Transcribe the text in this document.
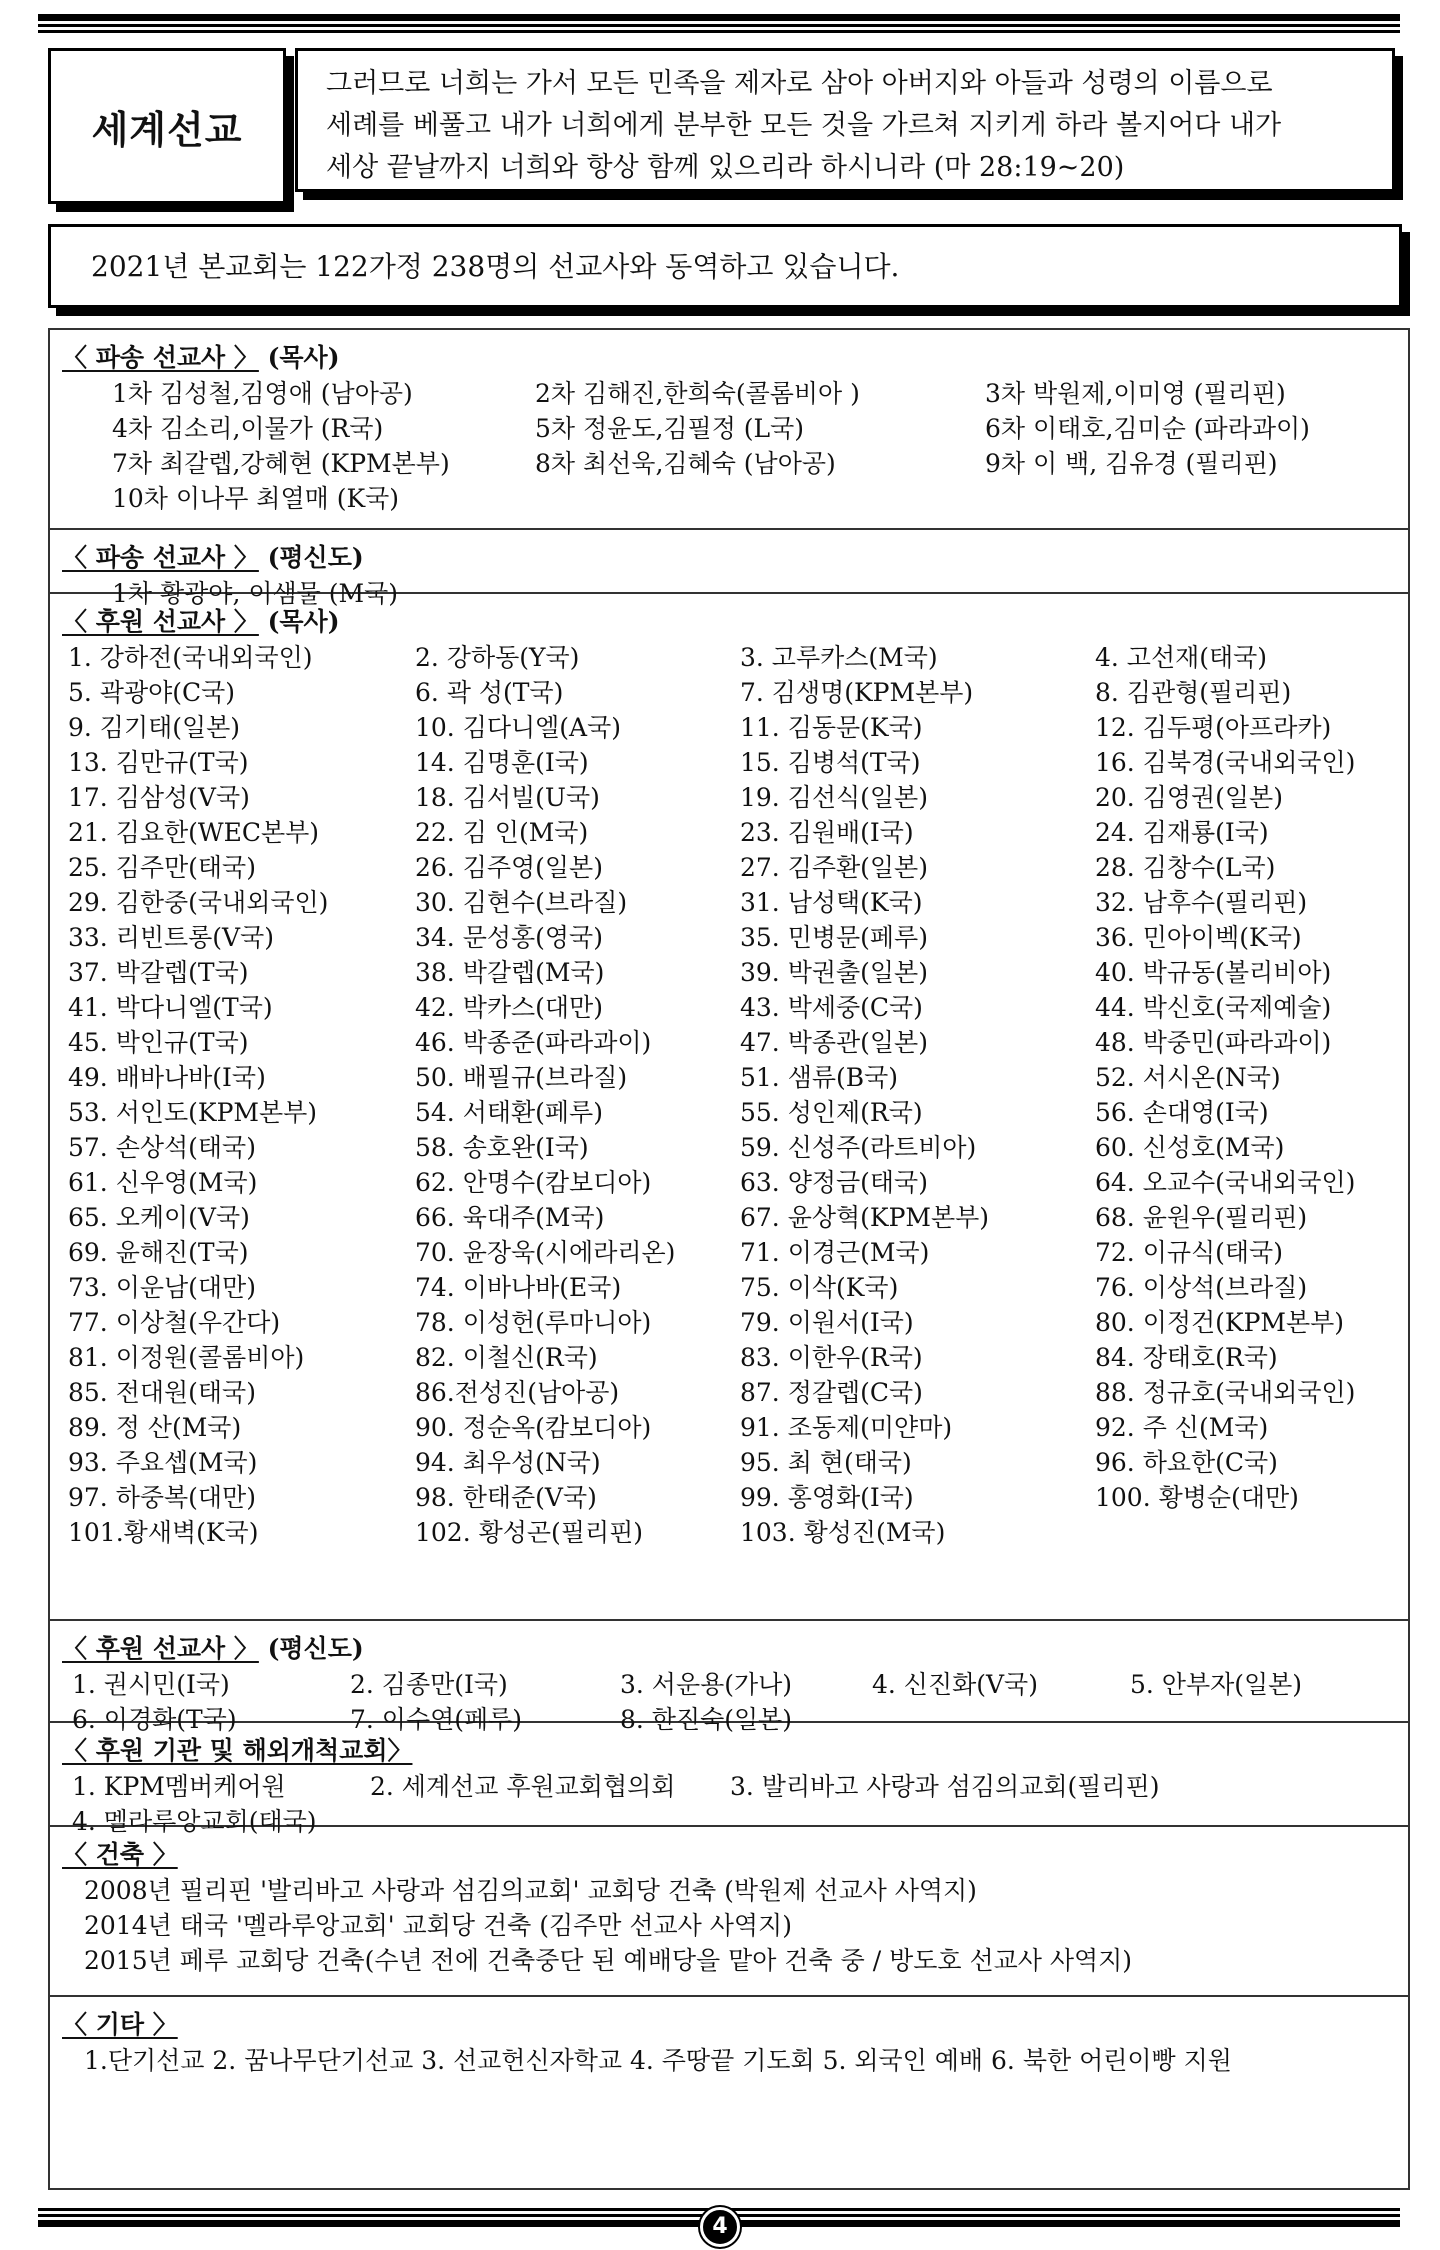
세계선교
그러므로 너희는 가서 모든 민족을 제자로 삼아 아버지와 아들과 성령의 이름으로
세례를 베풀고 내가 너희에게 분부한 모든 것을 가르쳐 지키게 하라 볼지어다 내가
세상 끝날까지 너희와 항상 함께 있으리라 하시니라 (마 28:19~20)
2021년 본교회는 122가정 238명의 선교사와 동역하고 있습니다.
〈 파송 선교사 〉 (목사)
1차 김성철,김영애 (남아공)	2차 김해진,한희숙(콜롬비아 )	3차 박원제,이미영 (필리핀)
4차 김소리,이물가 (R국)	5차 정윤도,김필정 (L국)	6차 이태호,김미순 (파라과이)
7차 최갈렙,강혜현 (KPM본부)	8차 최선욱,김혜숙 (남아공)	9차 이 백, 김유경 (필리핀)
10차 이나무 최열매 (K국)
〈 파송 선교사 〉 (평신도)
1차 황광야, 이샘물 (M국)
〈 후원 선교사 〉 (목사)
1. 강하전(국내외국인)	2. 강하동(Y국)	3. 고루카스(M국)	4. 고선재(태국)
5. 곽광야(C국)	6. 곽 성(T국)	7. 김생명(KPM본부)	8. 김관형(필리핀)
9. 김기태(일본)	10. 김다니엘(A국)	11. 김동문(K국)	12. 김두평(아프라카)
13. 김만규(T국)	14. 김명훈(I국)	15. 김병석(T국)	16. 김북경(국내외국인)
17. 김삼성(V국)	18. 김서빌(U국)	19. 김선식(일본)	20. 김영권(일본)
21. 김요한(WEC본부)	22. 김 인(M국)	23. 김원배(I국)	24. 김재룡(I국)
25. 김주만(태국)	26. 김주영(일본)	27. 김주환(일본)	28. 김창수(L국)
29. 김한중(국내외국인)	30. 김현수(브라질)	31. 남성택(K국)	32. 남후수(필리핀)
33. 리빈트롱(V국)	34. 문성홍(영국)	35. 민병문(페루)	36. 민아이벡(K국)
37. 박갈렙(T국)	38. 박갈렙(M국)	39. 박권출(일본)	40. 박규동(볼리비아)
41. 박다니엘(T국)	42. 박카스(대만)	43. 박세중(C국)	44. 박신호(국제예술)
45. 박인규(T국)	46. 박종준(파라과이)	47. 박종관(일본)	48. 박중민(파라과이)
49. 배바나바(I국)	50. 배필규(브라질)	51. 샘류(B국)	52. 서시온(N국)
53. 서인도(KPM본부)	54. 서태환(페루)	55. 성인제(R국)	56. 손대영(I국)
57. 손상석(태국)	58. 송호완(I국)	59. 신성주(라트비아)	60. 신성호(M국)
61. 신우영(M국)	62. 안명수(캄보디아)	63. 양정금(태국)	64. 오교수(국내외국인)
65. 오케이(V국)	66. 육대주(M국)	67. 윤상혁(KPM본부)	68. 윤원우(필리핀)
69. 윤해진(T국)	70. 윤장욱(시에라리온)	71. 이경근(M국)	72. 이규식(태국)
73. 이운남(대만)	74. 이바나바(E국)	75. 이삭(K국)	76. 이상석(브라질)
77. 이상철(우간다)	78. 이성헌(루마니아)	79. 이원서(I국)	80. 이정건(KPM본부)
81. 이정원(콜롬비아)	82. 이철신(R국)	83. 이한우(R국)	84. 장태호(R국)
85. 전대원(태국)	86.전성진(남아공)	87. 정갈렙(C국)	88. 정규호(국내외국인)
89. 정 산(M국)	90. 정순옥(캄보디아)	91. 조동제(미얀마)	92. 주 신(M국)
93. 주요셉(M국)	94. 최우성(N국)	95. 최 현(태국)	96. 하요한(C국)
97. 하중복(대만)	98. 한태준(V국)	99. 홍영화(I국)	100. 황병순(대만)
101.황새벽(K국)	102. 황성곤(필리핀)	103. 황성진(M국)
〈 후원 선교사 〉 (평신도)
1. 권시민(I국)	2. 김종만(I국)	3. 서운용(가나)	4. 신진화(V국)	5. 안부자(일본)
6. 이경화(T국)	7. 이수연(페루)	8. 한진숙(일본)
〈 후원 기관 및 해외개척교회〉
1. KPM멤버케어원	2. 세계선교 후원교회협의회 3. 발리바고 사랑과 섬김의교회(필리핀)
4. 멜라루앙교회(태국)
〈 건축 〉
2008년 필리핀 '발리바고 사랑과 섬김의교회' 교회당 건축 (박원제 선교사 사역지)
2014년 태국 '멜라루앙교회' 교회당 건축 (김주만 선교사 사역지)
2015년 페루 교회당 건축(수년 전에 건축중단 된 예배당을 맡아 건축 중 / 방도호 선교사 사역지)
〈 기타 〉
1.단기선교 2. 꿈나무단기선교 3. 선교헌신자학교 4. 주땅끝 기도회 5. 외국인 예배 6. 북한 어린이빵 지원
4
